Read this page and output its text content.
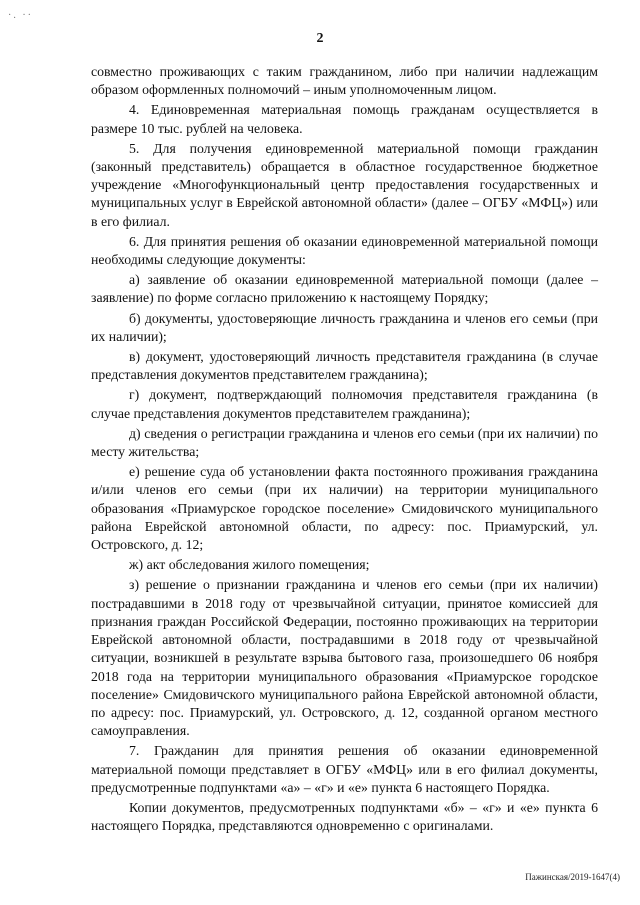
·. ··
2

совместно проживающих с таким гражданином, либо при наличии надлежащим образом оформленных полномочий – иным уполномоченным лицом.

4. Единовременная материальная помощь гражданам осуществляется в размере 10 тыс. рублей на человека.

5. Для получения единовременной материальной помощи гражданин (законный представитель) обращается в областное государственное бюджетное учреждение «Многофункциональный центр предоставления государственных и муниципальных услуг в Еврейской автономной области» (далее – ОГБУ «МФЦ») или в его филиал.

6. Для принятия решения об оказании единовременной материальной помощи необходимы следующие документы:

а) заявление об оказании единовременной материальной помощи (далее – заявление) по форме согласно приложению к настоящему Порядку;

б) документы, удостоверяющие личность гражданина и членов его семьи (при их наличии);

в) документ, удостоверяющий личность представителя гражданина (в случае представления документов представителем гражданина);

г) документ, подтверждающий полномочия представителя гражданина (в случае представления документов представителем гражданина);

д) сведения о регистрации гражданина и членов его семьи (при их наличии) по месту жительства;

е) решение суда об установлении факта постоянного проживания гражданина и/или членов его семьи (при их наличии) на территории муниципального образования «Приамурское городское поселение» Смидовичского муниципального района Еврейской автономной области, по адресу: пос. Приамурский, ул. Островского, д. 12;

ж) акт обследования жилого помещения;

з) решение о признании гражданина и членов его семьи (при их наличии) пострадавшими в 2018 году от чрезвычайной ситуации, принятое комиссией для признания граждан Российской Федерации, постоянно проживающих на территории Еврейской автономной области, пострадавшими в 2018 году от чрезвычайной ситуации, возникшей в результате взрыва бытового газа, произошедшего 06 ноября 2018 года на территории муниципального образования «Приамурское городское поселение» Смидовичского муниципального района Еврейской автономной области, по адресу: пос. Приамурский, ул. Островского, д. 12, созданной органом местного самоуправления.

7. Гражданин для принятия решения об оказании единовременной материальной помощи представляет в ОГБУ «МФЦ» или в его филиал документы, предусмотренные подпунктами «а» – «г» и «е» пункта 6 настоящего Порядка.

Копии документов, предусмотренных подпунктами «б» – «г» и «е» пункта 6 настоящего Порядка, представляются одновременно с оригиналами.

Пажинская/2019-1647(4)
